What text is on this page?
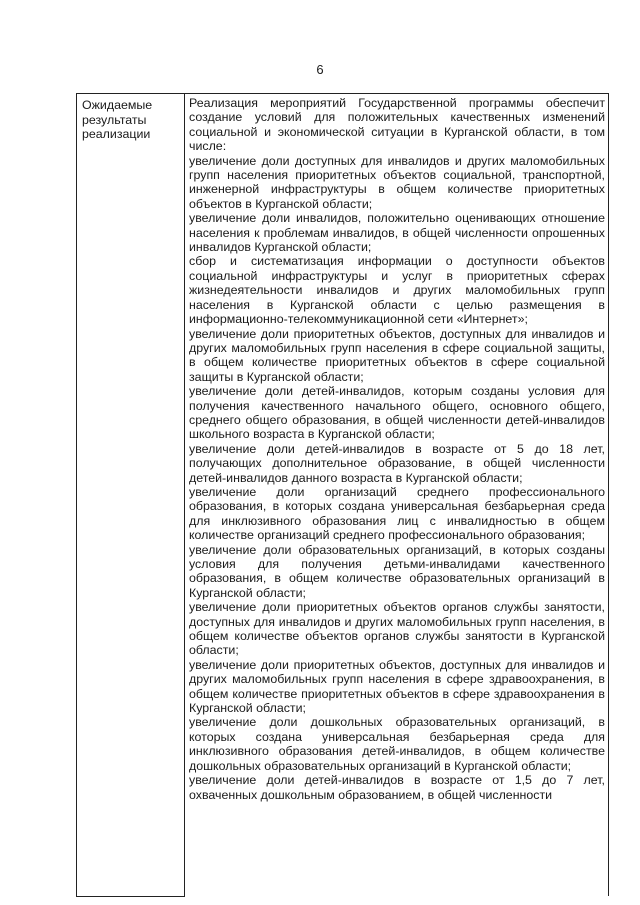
6
Ожидаемые результаты реализации	

Реализация мероприятий Государственной программы обеспечит создание условий для положительных качественных изменений социальной и экономической ситуации в Курганской области, в том числе:

увеличение доли доступных для инвалидов и других маломобильных групп населения приоритетных объектов социальной, транспортной, инженерной инфраструктуры в общем количестве приоритетных объектов в Курганской области;

увеличение доли инвалидов, положительно оценивающих отношение населения к проблемам инвалидов, в общей численности опрошенных инвалидов Курганской области;

сбор и систематизация информации о доступности объектов социальной инфраструктуры и услуг в приоритетных сферах жизнедеятельности инвалидов и других маломобильных групп населения в Курганской области с целью размещения в информационно-телекоммуникационной сети «Интернет»;

увеличение доли приоритетных объектов, доступных для инвалидов и других маломобильных групп населения в сфере социальной защиты, в общем количестве приоритетных объектов в сфере социальной защиты в Курганской области;

увеличение доли детей-инвалидов, которым созданы условия для получения качественного начального общего, основного общего, среднего общего образования, в общей численности детей-инвалидов школьного возраста в Курганской области;

увеличение доли детей-инвалидов в возрасте от 5 до 18 лет, получающих дополнительное образование, в общей численности детей-инвалидов данного возраста в Курганской области;

увеличение доли организаций среднего профессионального образования, в которых создана универсальная безбарьерная среда для инклюзивного образования лиц с инвалидностью в общем количестве организаций среднего профессионального образования;

увеличение доли образовательных организаций, в которых созданы условия для получения детьми-инвалидами качественного образования, в общем количестве образовательных организаций в Курганской области;

увеличение доли приоритетных объектов органов службы занятости, доступных для инвалидов и других маломобильных групп населения, в общем количестве объектов органов службы занятости в Курганской области;

увеличение доли приоритетных объектов, доступных для инвалидов и других маломобильных групп населения в сфере здравоохранения, в общем количестве приоритетных объектов в сфере здравоохранения в Курганской области;

увеличение доли дошкольных образовательных организаций, в которых создана универсальная безбарьерная среда для инклюзивного образования детей-инвалидов, в общем количестве дошкольных образовательных организаций в Курганской области;

увеличение доли детей-инвалидов в возрасте от 1,5 до 7 лет, охваченных дошкольным образованием, в общей численности
